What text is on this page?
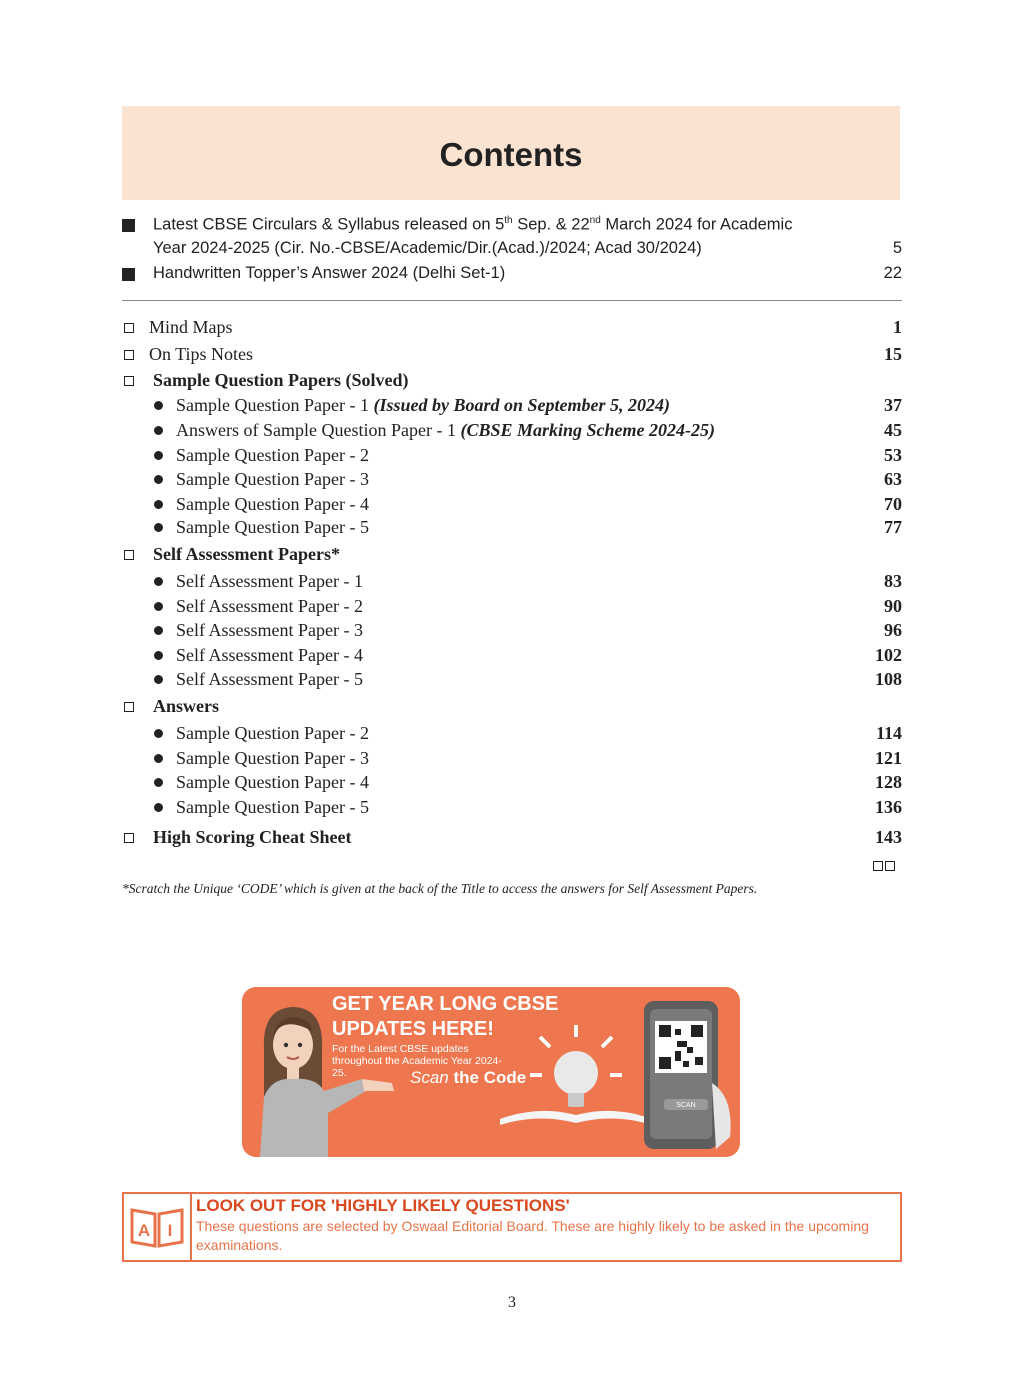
Contents
Latest CBSE Circulars & Syllabus released on 5th Sep. & 22nd March 2024 for Academic
Year 2024-2025 (Cir. No.-CBSE/Academic/Dir.(Acad.)/2024; Acad 30/2024)	5
Handwritten Topper’s Answer 2024 (Delhi Set-1)	22
Mind Maps	1
On Tips Notes	15
Sample Question Papers (Solved)
Sample Question Paper - 1 (Issued by Board on September 5, 2024)	37
Answers of Sample Question Paper - 1 (CBSE Marking Scheme 2024-25)	45
Sample Question Paper - 2	53
Sample Question Paper - 3	63
Sample Question Paper - 4	70
Sample Question Paper - 5	77
Self Assessment Papers*
Self Assessment Paper - 1	83
Self Assessment Paper - 2	90
Self Assessment Paper - 3	96
Self Assessment Paper - 4	102
Self Assessment Paper - 5	108
Answers
Sample Question Paper - 2	114
Sample Question Paper - 3	121
Sample Question Paper - 4	128
Sample Question Paper - 5	136
High Scoring Cheat Sheet	143
*Scratch the Unique ‘CODE’ which is given at the back of the Title to access the answers for Self Assessment Papers.
SCAN
GET YEAR LONG CBSE
UPDATES HERE!
For the Latest CBSE updates throughout the Academic Year 2024-25.	Scan the Code
A I
LOOK OUT FOR 'HIGHLY LIKELY QUESTIONS'
These questions are selected by Oswaal Editorial Board. These are highly likely to be asked in the upcoming examinations.
3
